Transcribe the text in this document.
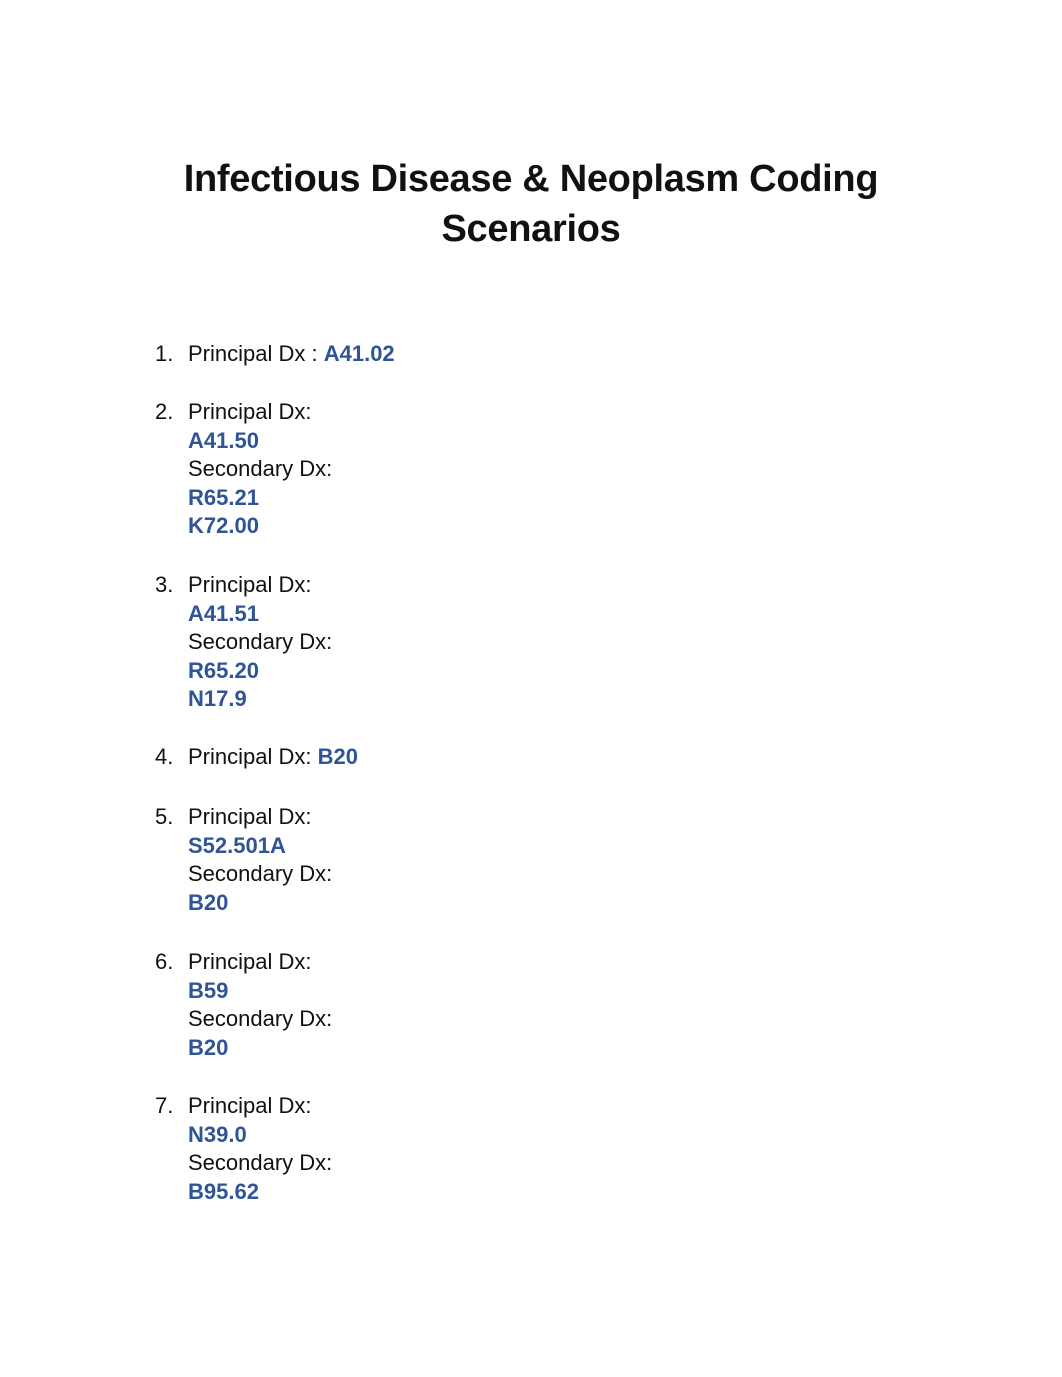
Infectious Disease & Neoplasm Coding Scenarios
1. Principal Dx : A41.02
2. Principal Dx:
A41.50
Secondary Dx:
R65.21
K72.00
3. Principal Dx:
A41.51
Secondary Dx:
R65.20
N17.9
4. Principal Dx: B20
5. Principal Dx:
S52.501A
Secondary Dx:
B20
6. Principal Dx:
B59
Secondary Dx:
B20
7. Principal Dx:
N39.0
Secondary Dx:
B95.62
